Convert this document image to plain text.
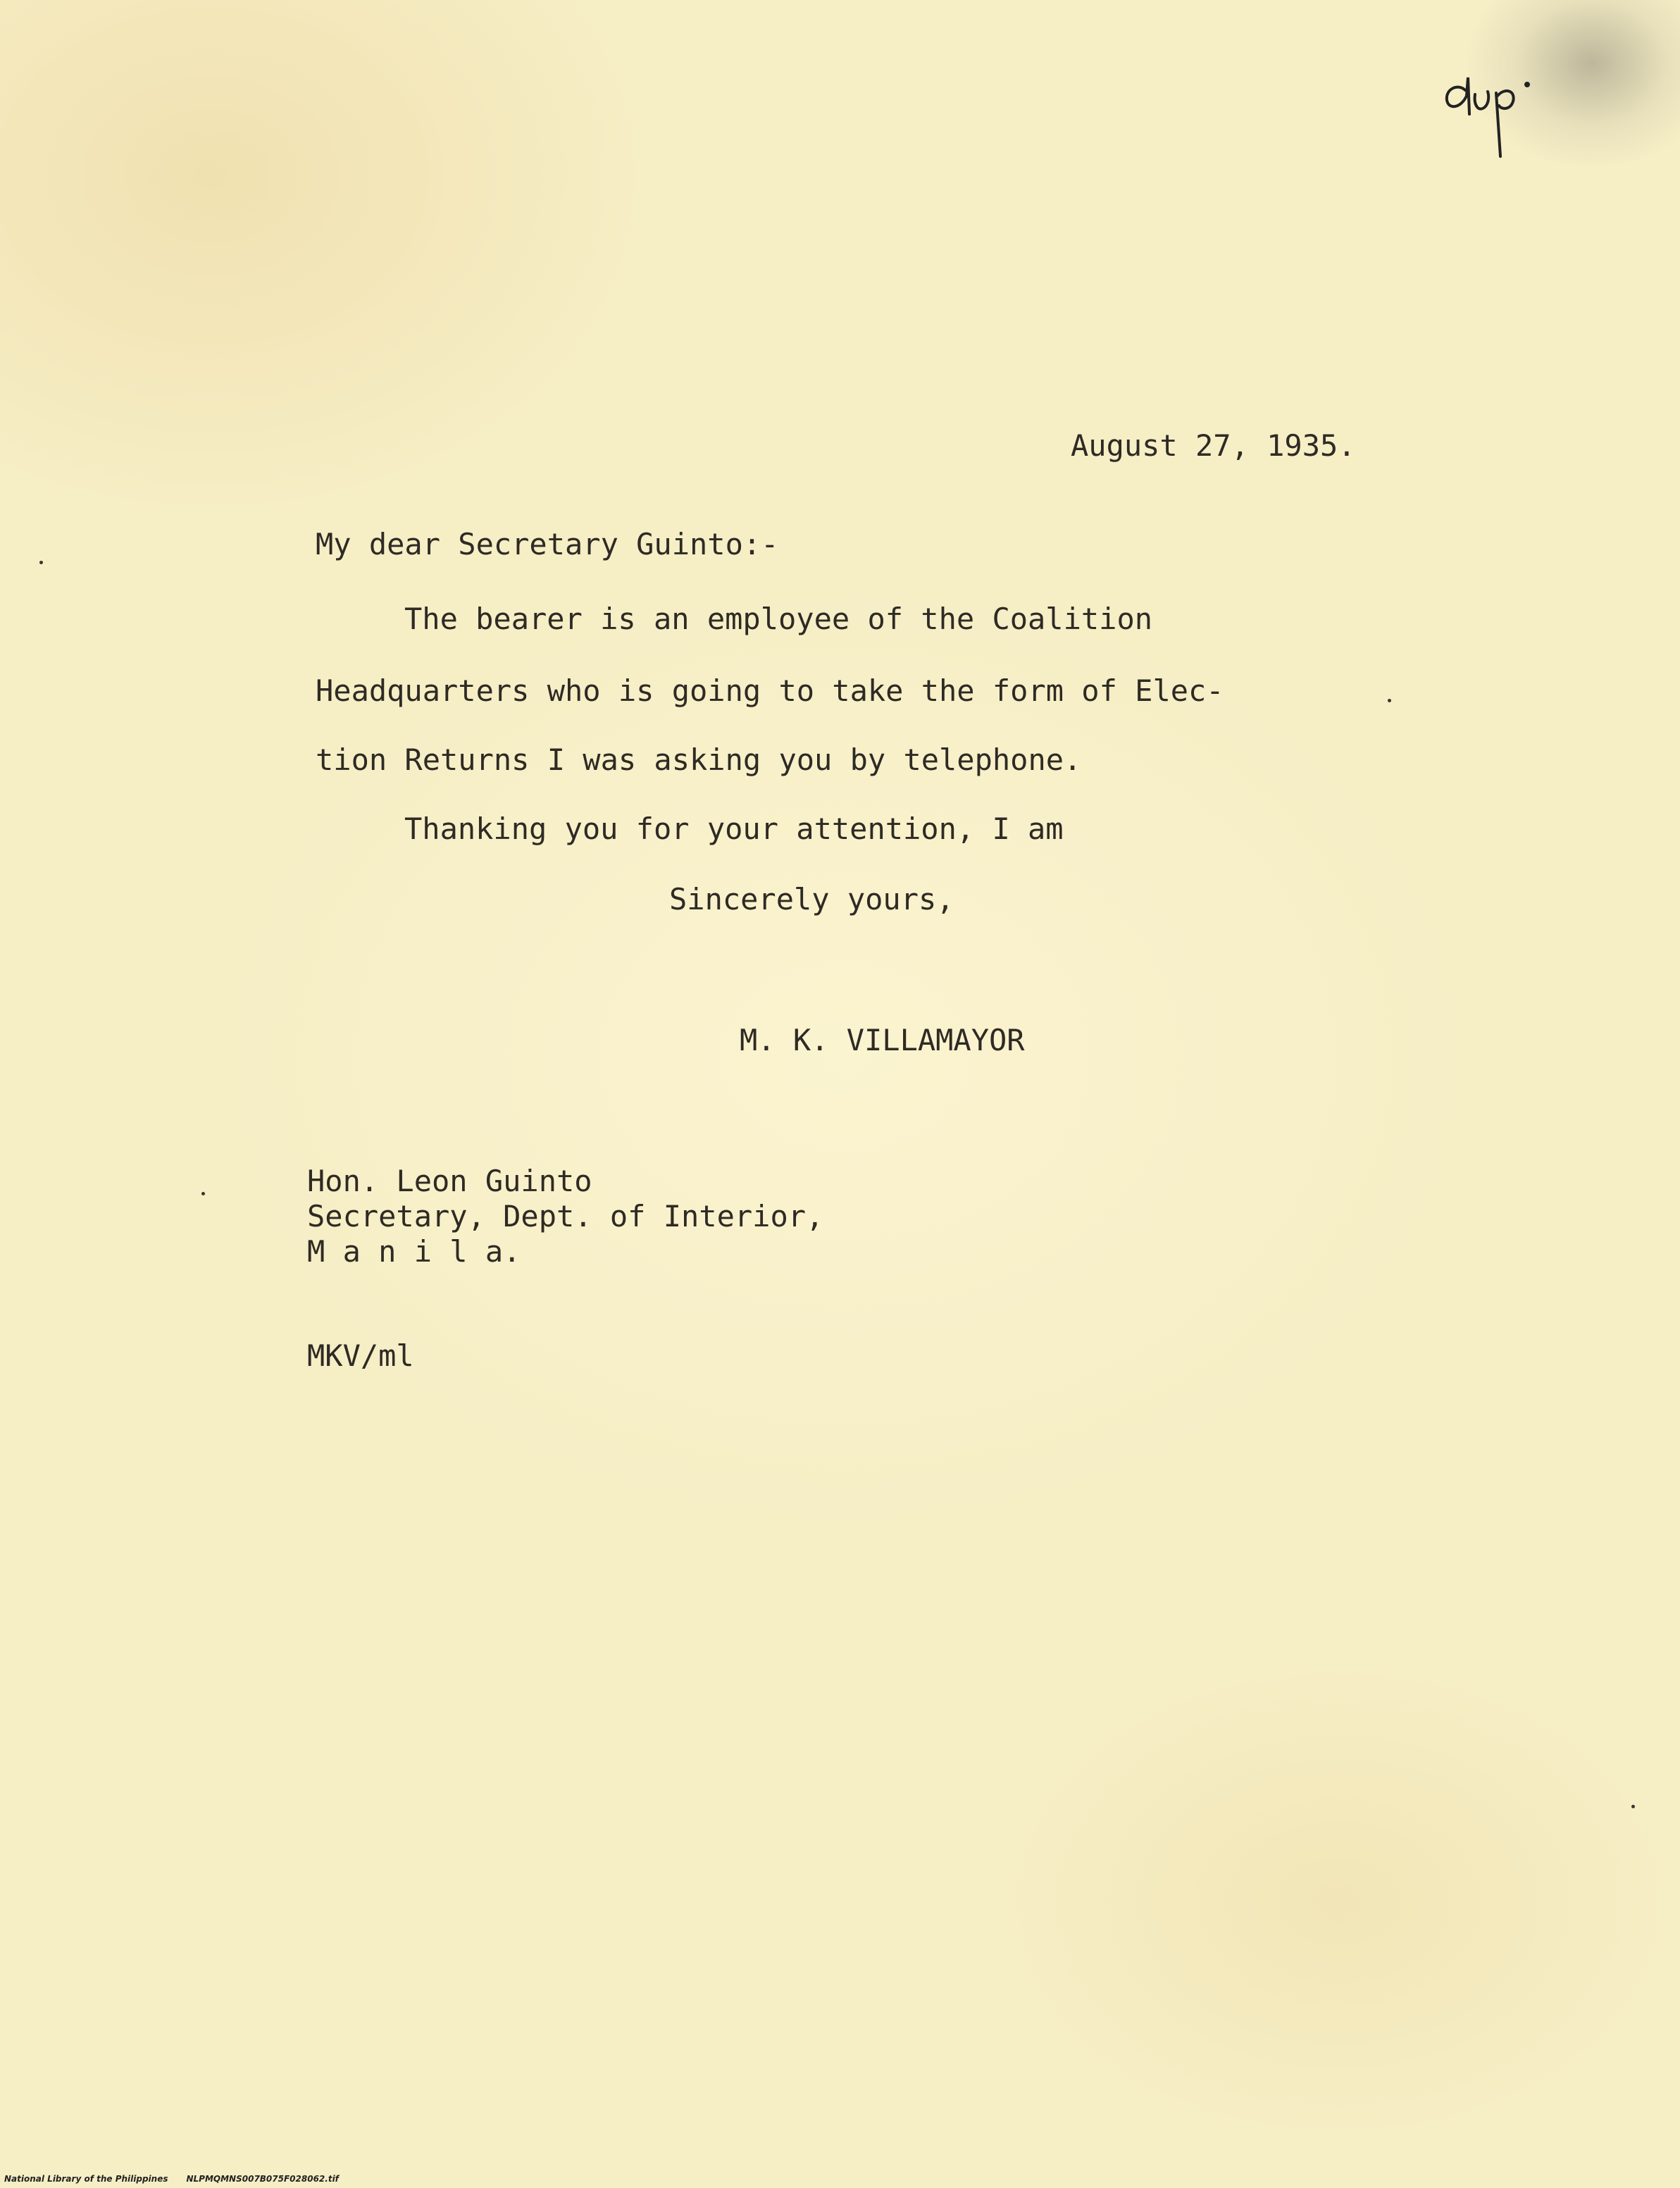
August 27, 1935.
My dear Secretary Guinto:-
The bearer is an employee of the Coalition
Headquarters who is going to take the form of Elec-
tion Returns I was asking you by telephone.
Thanking you for your attention, I am
Sincerely yours,
M. K. VILLAMAYOR
Hon. Leon Guinto
Secretary, Dept. of Interior,
M a n i l a.
MKV/ml
National Library of the Philippines NLPMQMNS007B075F028062.tif
